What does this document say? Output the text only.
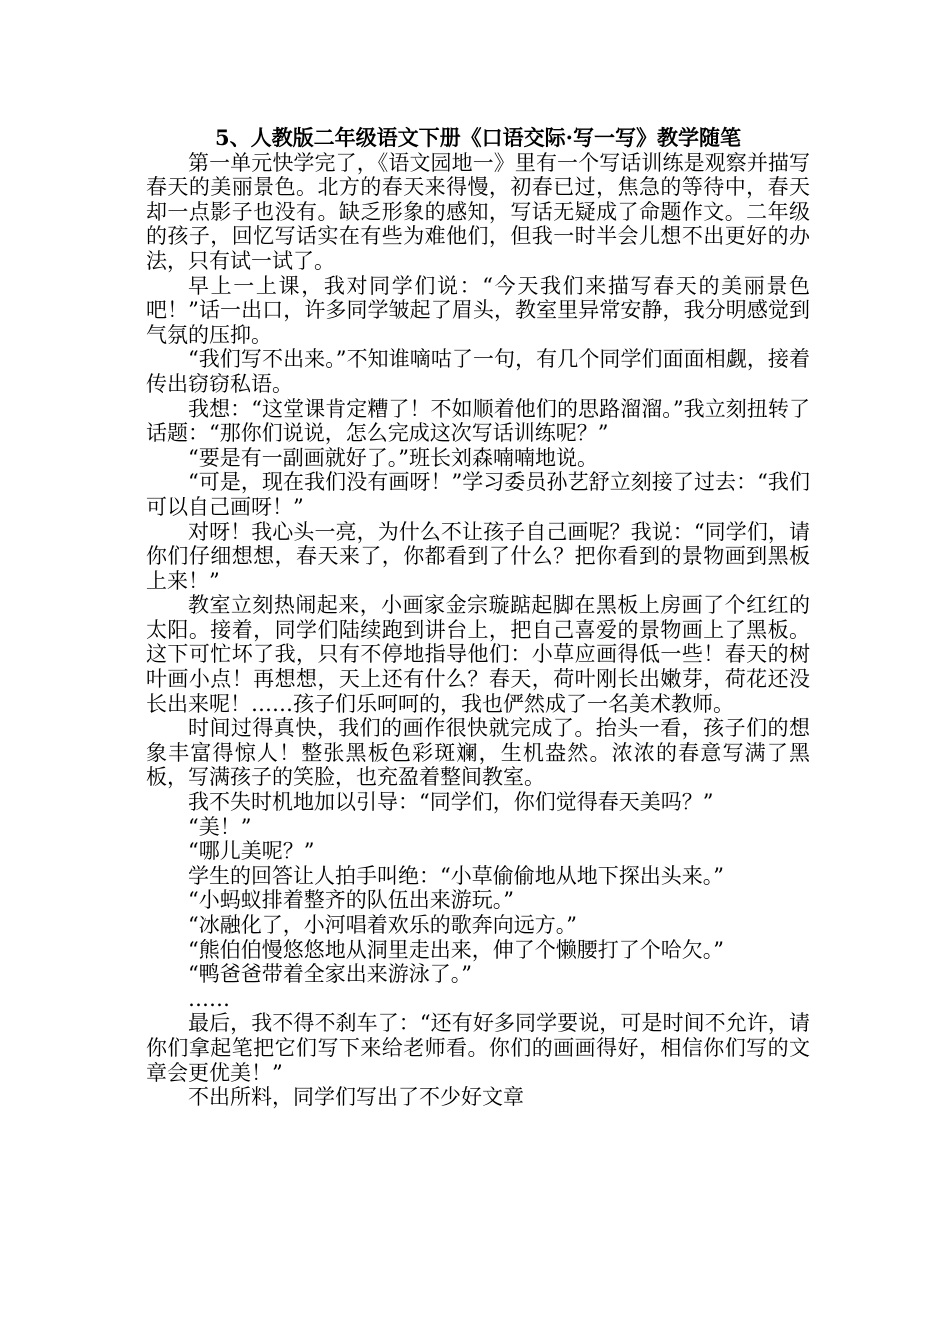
5、人教版二年级语文下册《口语交际·写一写》教学随笔

第一单元快学完了，《语文园地一》里有一个写话训练是观察并描写春天的美丽景色。北方的春天来得慢，初春已过，焦急的等待中，春天却一点影子也没有。缺乏形象的感知，写话无疑成了命题作文。二年级的孩子，回忆写话实在有些为难他们，但我一时半会儿想不出更好的办法，只有试一试了。

早上一上课，我对同学们说：“今天我们来描写春天的美丽景色吧！”话一出口，许多同学皱起了眉头，教室里异常安静，我分明感觉到气氛的压抑。

“我们写不出来。”不知谁嘀咕了一句，有几个同学们面面相觑，接着传出窃窃私语。

我想：“这堂课肯定糟了！不如顺着他们的思路溜溜。”我立刻扭转了话题：“那你们说说，怎么完成这次写话训练呢？”

“要是有一副画就好了。”班长刘森喃喃地说。

“可是，现在我们没有画呀！”学习委员孙艺舒立刻接了过去：“我们可以自己画呀！”

对呀！我心头一亮，为什么不让孩子自己画呢？我说：“同学们，请你们仔细想想，春天来了，你都看到了什么？把你看到的景物画到黑板上来！”

教室立刻热闹起来，小画家金宗璇踮起脚在黑板上房画了个红红的太阳。接着，同学们陆续跑到讲台上，把自己喜爱的景物画上了黑板。这下可忙坏了我，只有不停地指导他们：小草应画得低一些！春天的树叶画小点！再想想，天上还有什么？春天，荷叶刚长出嫩芽，荷花还没长出来呢！……孩子们乐呵呵的，我也俨然成了一名美术教师。

时间过得真快，我们的画作很快就完成了。抬头一看，孩子们的想象丰富得惊人！整张黑板色彩斑斓，生机盎然。浓浓的春意写满了黑板，写满孩子的笑脸，也充盈着整间教室。

我不失时机地加以引导：“同学们，你们觉得春天美吗？”

“美！”

“哪儿美呢？”

学生的回答让人拍手叫绝：“小草偷偷地从地下探出头来。”

“小蚂蚁排着整齐的队伍出来游玩。”

“冰融化了，小河唱着欢乐的歌奔向远方。”

“熊伯伯慢悠悠地从洞里走出来，伸了个懒腰打了个哈欠。”

“鸭爸爸带着全家出来游泳了。”

……

最后，我不得不刹车了：“还有好多同学要说，可是时间不允许，请你们拿起笔把它们写下来给老师看。你们的画画得好，相信你们写的文章会更优美！”

不出所料，同学们写出了不少好文章
